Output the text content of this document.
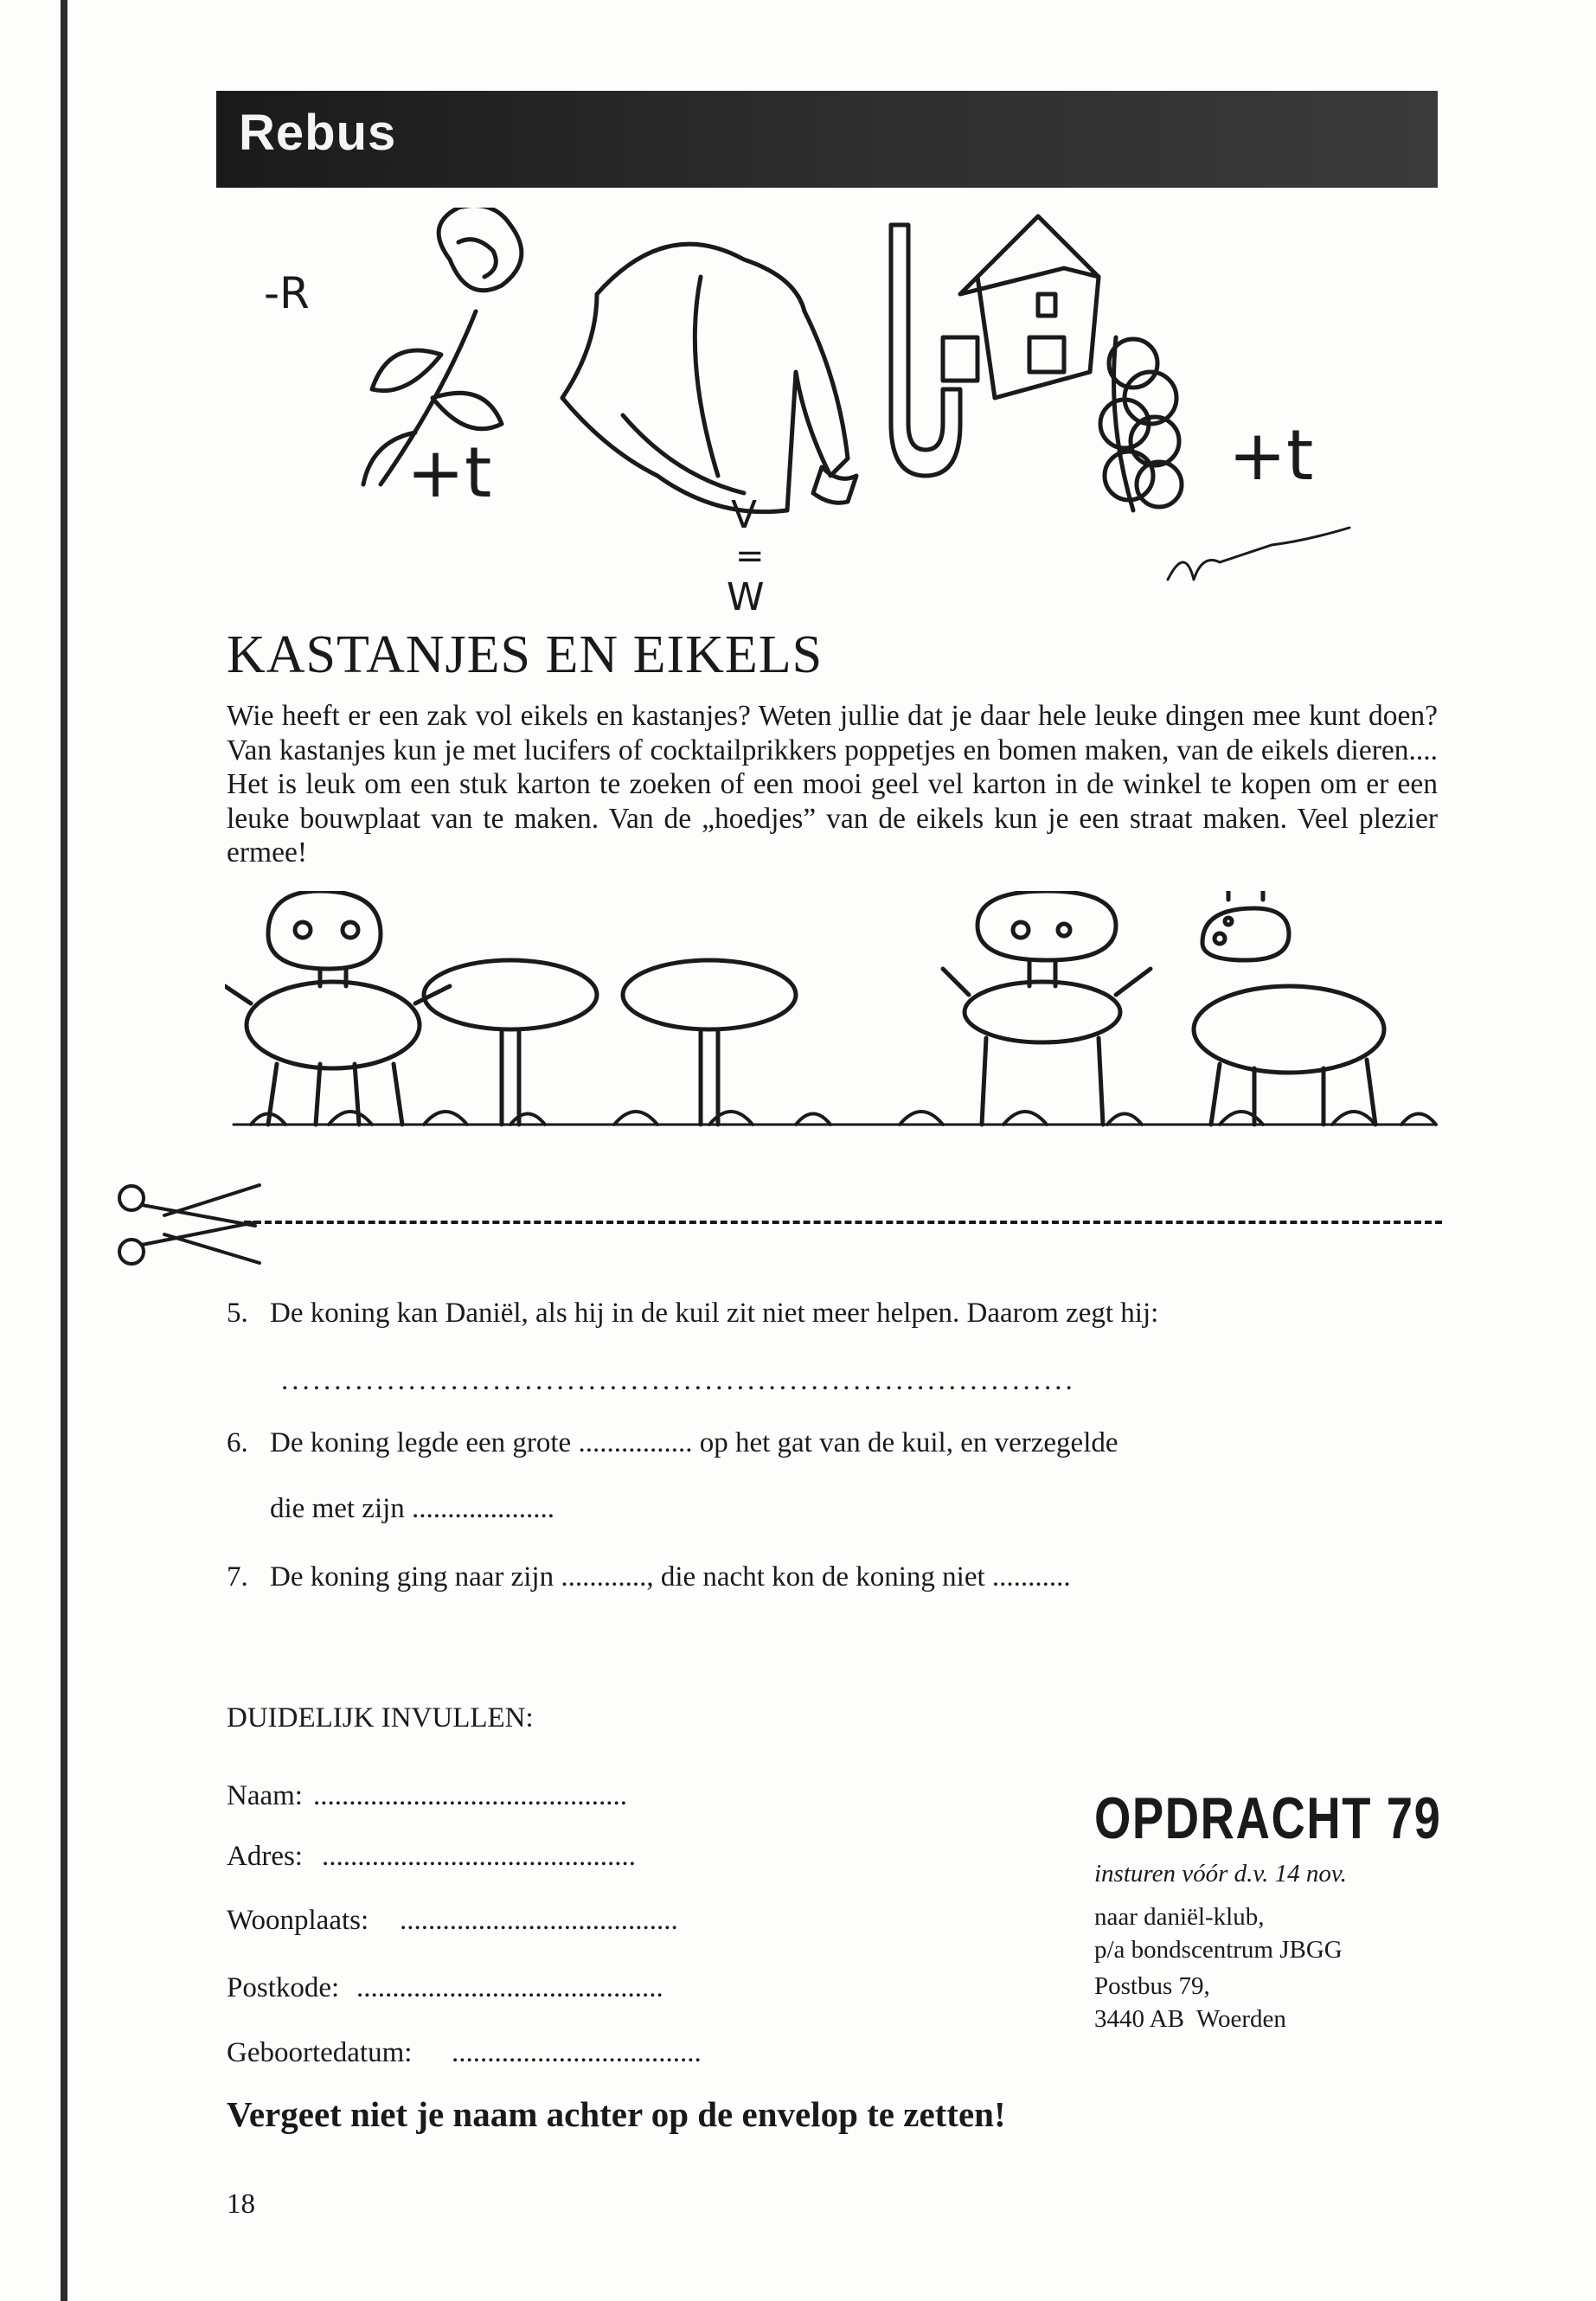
Rebus
-R
+t
V
=
W
+t
KASTANJES EN EIKELS
Wie heeft er een zak vol eikels en kastanjes? Weten jullie dat je daar hele leuke dingen mee kunt doen? Van kastanjes kun je met lucifers of cocktailprikkers poppetjes en bomen maken, van de eikels dieren.... Het is leuk om een stuk karton te zoeken of een mooi geel vel karton in de winkel te kopen om er een leuke bouwplaat van te maken. Van de „hoedjes” van de eikels kun je een straat maken. Veel plezier ermee!
5. De koning kan Daniël, als hij in de kuil zit niet meer helpen. Daarom zegt hij:
...........................................................................
6. De koning legde een grote ................ op het gat van de kuil, en verzegelde
die met zijn ....................
7. De koning ging naar zijn ............, die nacht kon de koning niet ...........
DUIDELIJK INVULLEN:
Naam: ............................................
Adres: ............................................
Woonplaats: .......................................
Postkode: ...........................................
Geboortedatum: ...................................
OPDRACHT 79
insturen vóór d.v. 14 nov.
naar daniël-klub,
p/a bondscentrum JBGG
Postbus 79,
3440 AB  Woerden
Vergeet niet je naam achter op de envelop te zetten!
18
